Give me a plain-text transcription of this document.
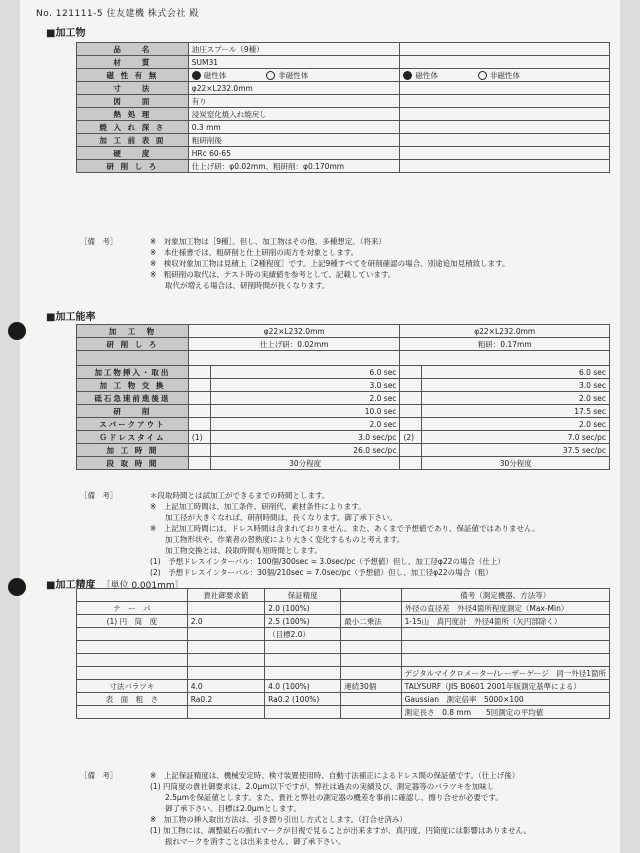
No. 121111-5 住友建機 株式会社 殿
■加工物
品　　名	油圧スプール（9種）	
材　　質	SUM31	
磁 性 有 無	磁性体 非磁性体	磁性体 非磁性体
寸　　法	φ22×L232.0mm	
図　　面	有り	
熱 処 理	浸炭窒化焼入れ焼戻し	
焼 入 れ 深 さ	0.3 mm	
加 工 前 表 面	粗研削後	
硬　　度	HRc 60-65	
研 削 し ろ	仕上げ研：φ0.02mm、粗研削：φ0.170mm	
［備　考］	※　対象加工物は［9種］。但し、加工物はその他、多種想定。（将来）
※　本仕様書では、粗研削と仕上研削の両方を対象とします。
※　検収対象加工物は見積上［2種程度］です。上記9種すべてを研削確認の場合、別途追加見積致します。
※　粗研削の取代は、テスト時の実績値を参考として、記載しています。
　　取代が増える場合は、研削時間が長くなります。
■加工能率
加　工　物	φ22×L232.0mm		φ22×L232.0mm	
研 削 し ろ	仕上げ研：0.02mm		粗研：0.17mm	

加工物挿入・取出		6.0 sec		6.0 sec
加 工 物 交 換		3.0 sec		3.0 sec
砥石急速前進後退		2.0 sec		2.0 sec
研　　削		10.0 sec		17.5 sec
スパークアウト		2.0 sec		2.0 sec
Ｇドレスタイム	(1)	3.0 sec/pc	(2)	7.0 sec/pc
加 工 時 間		26.0 sec/pc		37.5 sec/pc
段 取 時 間		30分程度		30分程度
［備　考］	＊段取時間とは試加工ができるまでの時間とします。
※　上記加工時間は、加工条件、研削代、素材条件によります。
　　加工径が大きくなれば、研削時間は、長くなります。御了承下さい。
※　上記加工時間には、ドレス時間は含まれておりません。また、あくまで予想値であり、保証値ではありません。
　　加工物形状や、作業者の習熟度により大きく変化するものと考えます。
　　加工物交換とは、段取時間も短時間とします。
(1)　予想ドレスインターバル：100個/300sec = 3.0sec/pc（予想値）但し、加工径φ22の場合（仕上）
(2)　予想ドレスインターバル：30個/210sec = 7.0sec/pc（予想値）但し、加工径φ22の場合（粗）
■加工精度 ［単位 0.001mm］
	貴社御要求値	保証精度		備考（測定機器、方法等）
テ　ー　パ		2.0 (100%)		外径の直径差　外径4箇所程度測定（Max-Min）
(1) 円　筒　度	2.0	2.5 (100%)	最小二乗法	1-15山　真円度計　外径4箇所（矢円部除く）
		（目標2.0）		

				デジタルマイクロメーター/レーザーゲージ　同一外径1箇所
寸法バラツキ	4.0	4.0 (100%)	連続30個	TALYSURF（JIS B0601 2001年版測定基準による）
表　面　粗　さ	Ra0.2	Ra0.2 (100%)		Gaussian　測定倍率　5000×100
				測定長さ　0.8 mm　　5回測定の平均値
［備　考］	※　上記保証精度は、機械安定時、検寸装置使用時、自動寸法補正によるドレス間の保証値です。（仕上げ後）
(1) 円筒度の貴社御要求は、2.0μm以下ですが、弊社は過去の実績及び、測定器等のバラツキを加味し
　　2.5μmを保証値とします。また、貴社と弊社の測定器の機差を事前に確認し、擦り合せが必要です。
　　御了承下さい。目標は2.0μmとします。
※　加工物の挿入取出方法は、引き摺り引出し方式とします。（打合せ済み）
(1) 加工物には、調整砥石の振れマークが目視で見ることが出来ますが、真円度、円筒度には影響はありません。
　　振れマークを消すことは出来ません。御了承下さい。
